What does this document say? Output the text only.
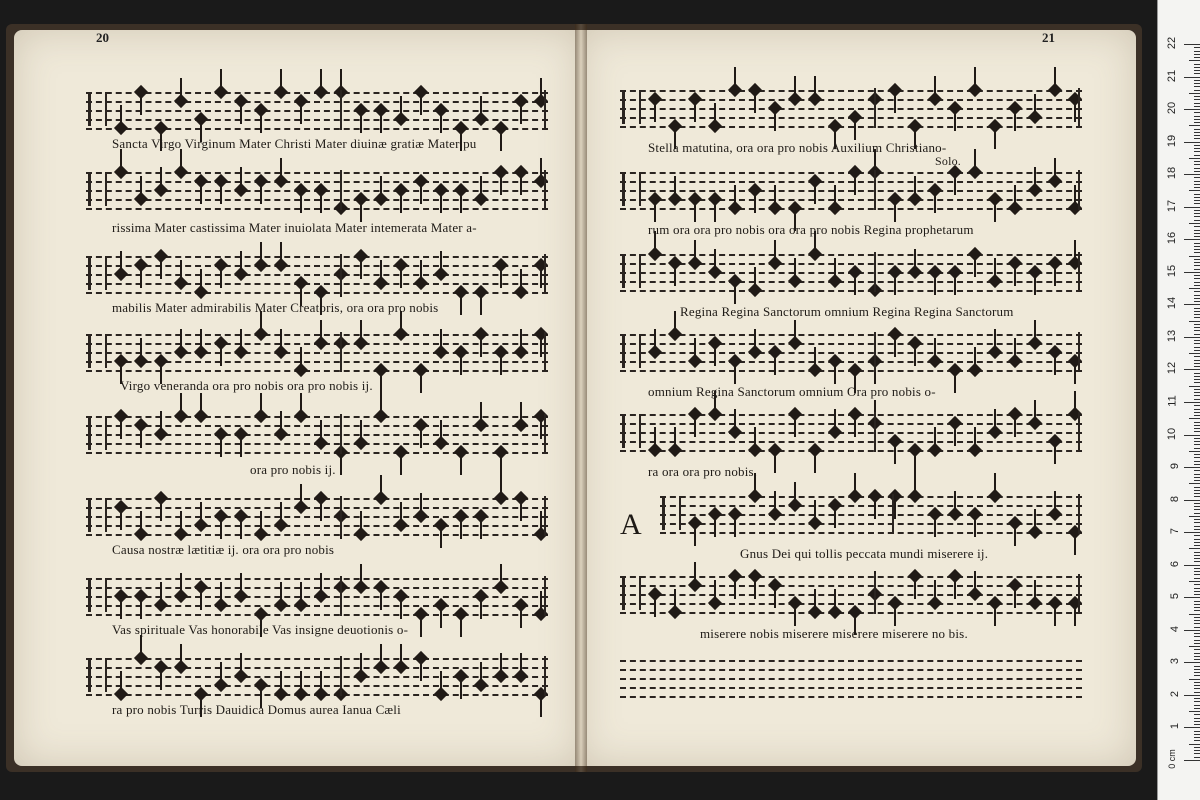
20	21
Sancta Virgo Virginum Mater Christi Mater diuinæ gratiæ Mater pu
rissima Mater castissima Mater inuiolata Mater intemerata Mater a-
mabilis Mater admirabilis Mater Creatoris, ora ora pro nobis
Virgo veneranda ora pro nobis ora pro nobis ij.
ora pro nobis ij.
Causa nostræ lætitiæ ij. ora ora pro nobis
Vas spirituale Vas honorabile Vas insigne deuotionis o-
ra pro nobis Turris Dauidica Domus aurea Ianua Cæli
Stella matutina, ora ora pro nobis Auxilium Christiano-
Solo.
rum ora ora pro nobis ora ora pro nobis Regina prophetarum
Regina Regina Sanctorum omnium Regina Regina Sanctorum
omnium Regina Sanctorum omnium Ora pro nobis o-
ra ora ora pro nobis.
A
Gnus Dei qui tollis peccata mundi miserere ij.
miserere nobis miserere miserere miserere no bis.
1
2
3
4
5
6
7
8
9
10
11
12
13
14
15
16
17
18
19
20
21
22
0 cm
